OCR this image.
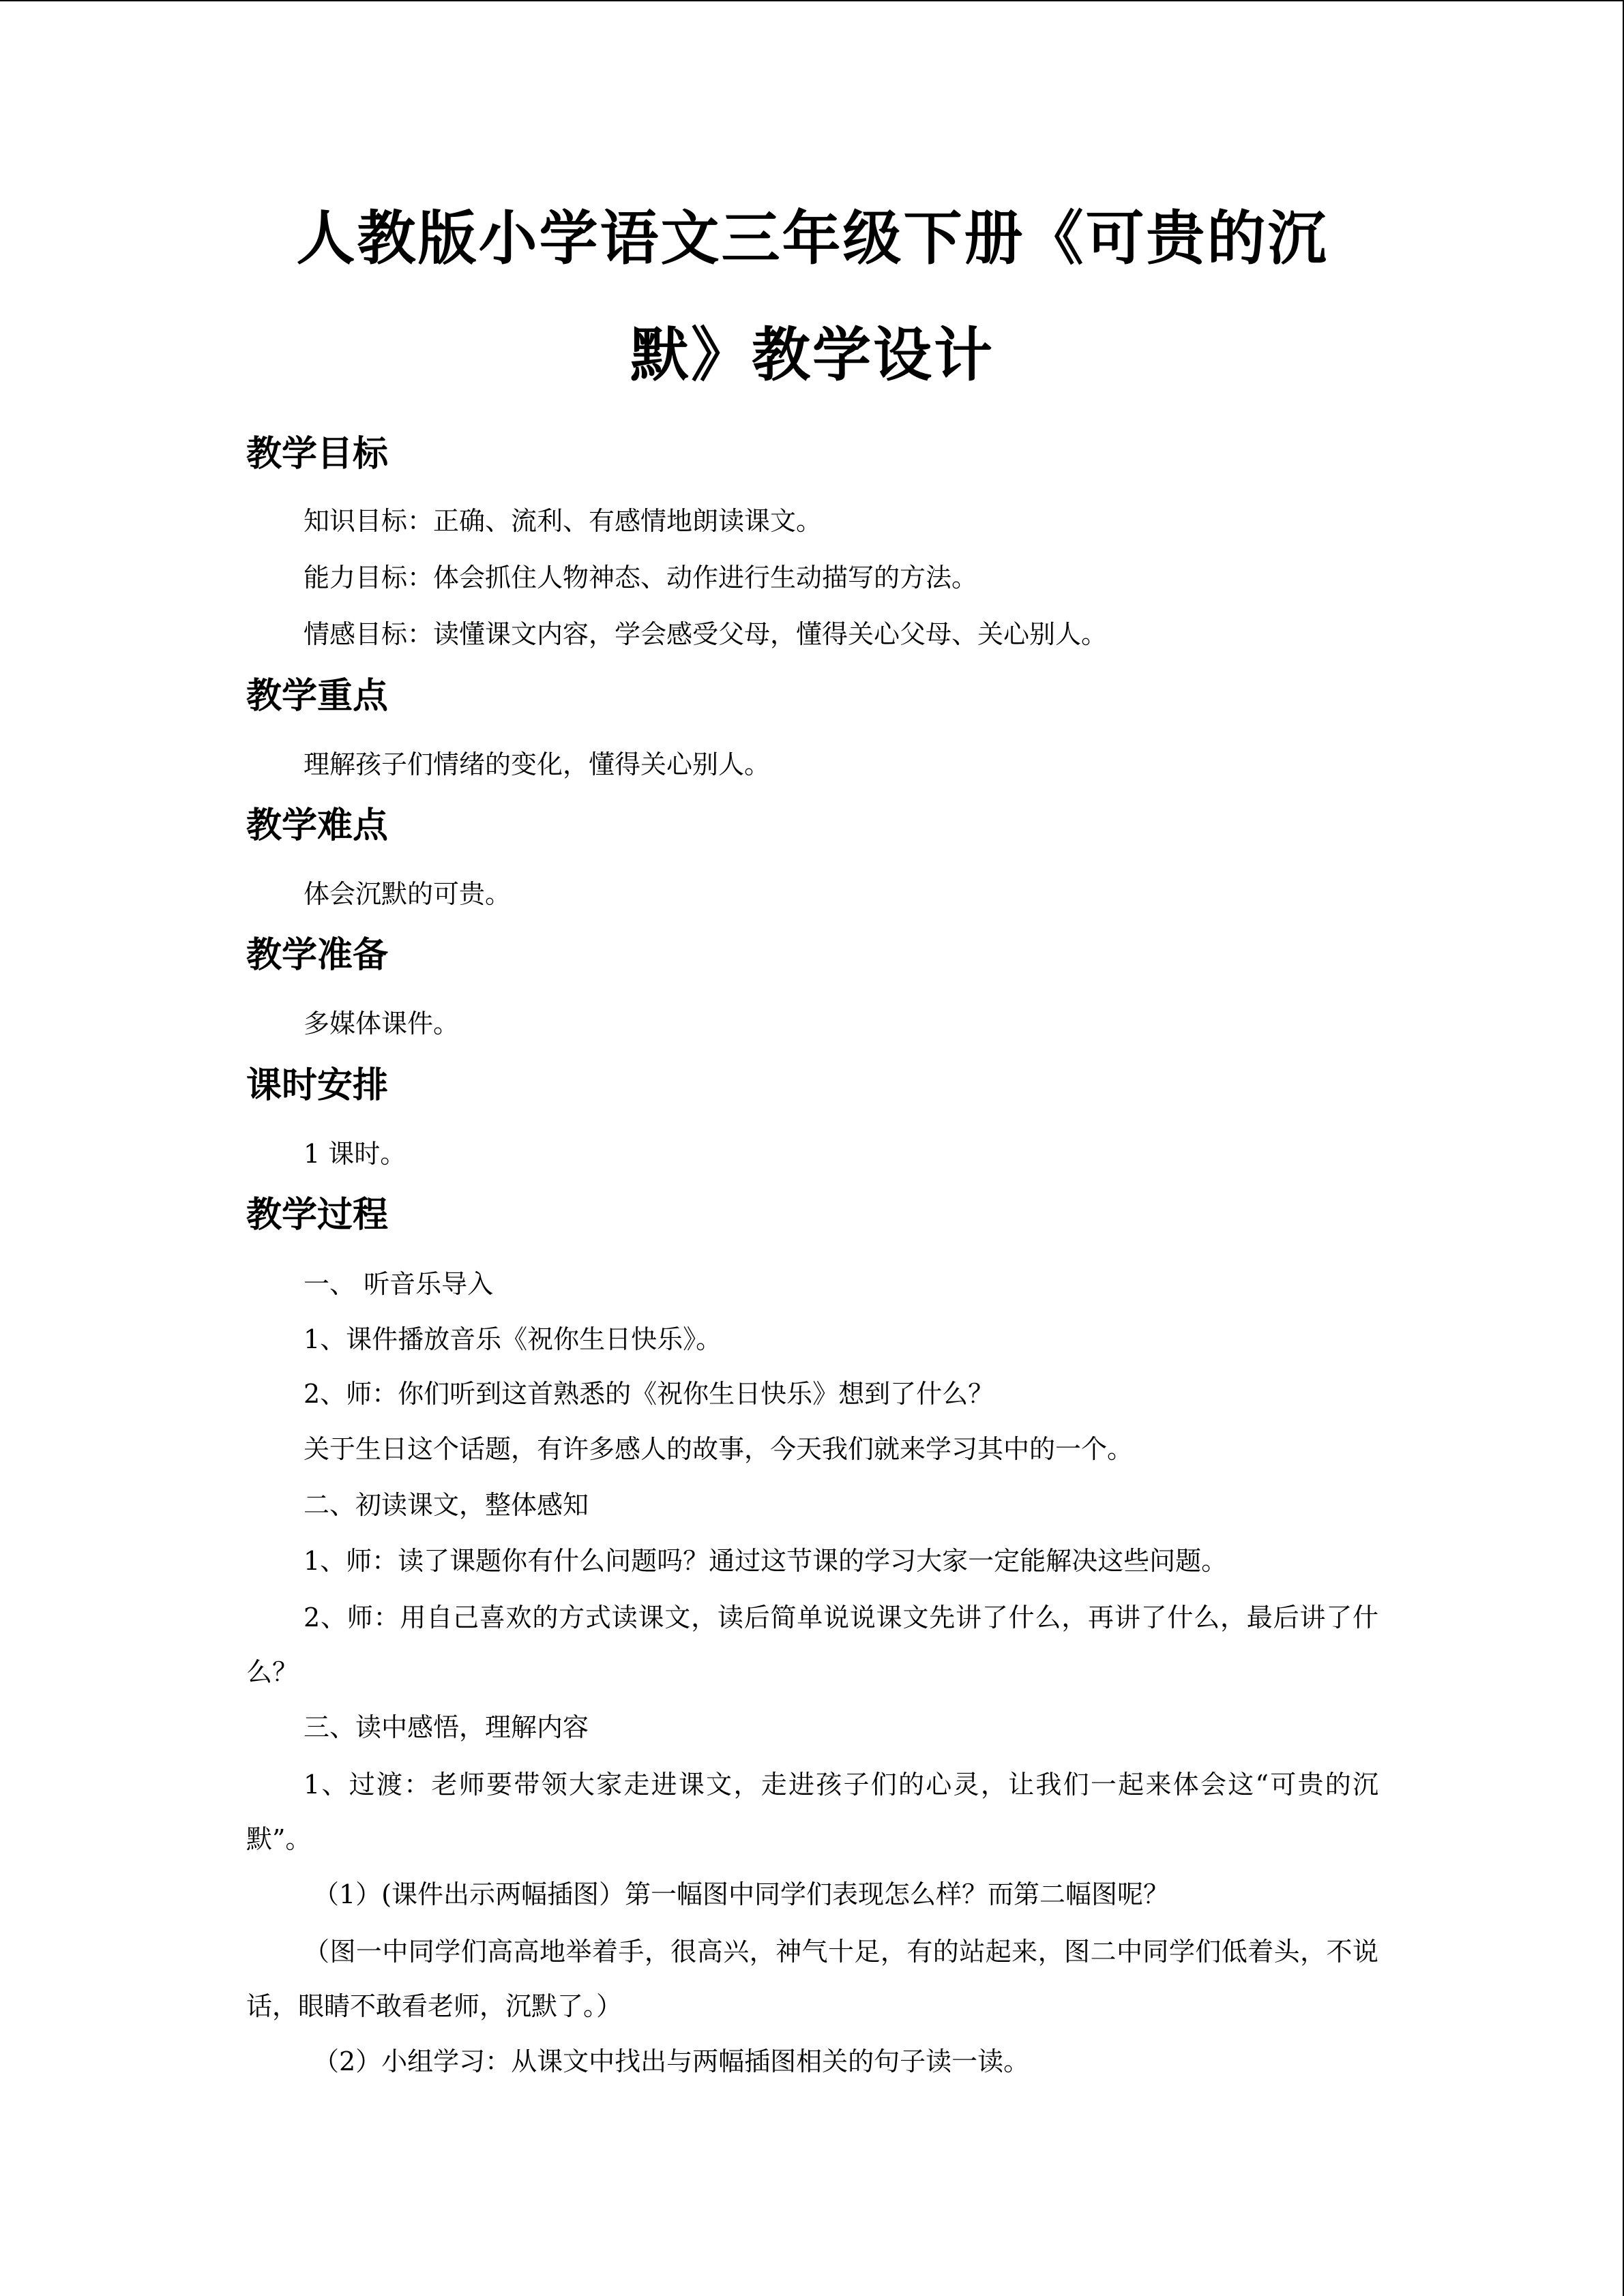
人教版小学语文三年级下册《可贵的沉
默》教学设计
教学目标
知识目标：正确、流利、有感情地朗读课文。
能力目标：体会抓住人物神态、动作进行生动描写的方法。
情感目标：读懂课文内容，学会感受父母，懂得关心父母、关心别人。
教学重点
理解孩子们情绪的变化，懂得关心别人。
教学难点
体会沉默的可贵。
教学准备
多媒体课件。
课时安排
1 课时。
教学过程
一、 听音乐导入
1、课件播放音乐《祝你生日快乐》。
2、师：你们听到这首熟悉的《祝你生日快乐》想到了什么？
关于生日这个话题，有许多感人的故事，今天我们就来学习其中的一个。
二、初读课文，整体感知
1、师：读了课题你有什么问题吗？通过这节课的学习大家一定能解决这些问题。
2、师：用自己喜欢的方式读课文，读后简单说说课文先讲了什么，再讲了什么，最后讲了什么？
三、读中感悟，理解内容
1、过渡：老师要带领大家走进课文，走进孩子们的心灵，让我们一起来体会这“可贵的沉默”。
（1）(课件出示两幅插图）第一幅图中同学们表现怎么样？而第二幅图呢？
（图一中同学们高高地举着手，很高兴，神气十足，有的站起来，图二中同学们低着头，不说话，眼睛不敢看老师，沉默了。）
（2）小组学习：从课文中找出与两幅插图相关的句子读一读。
